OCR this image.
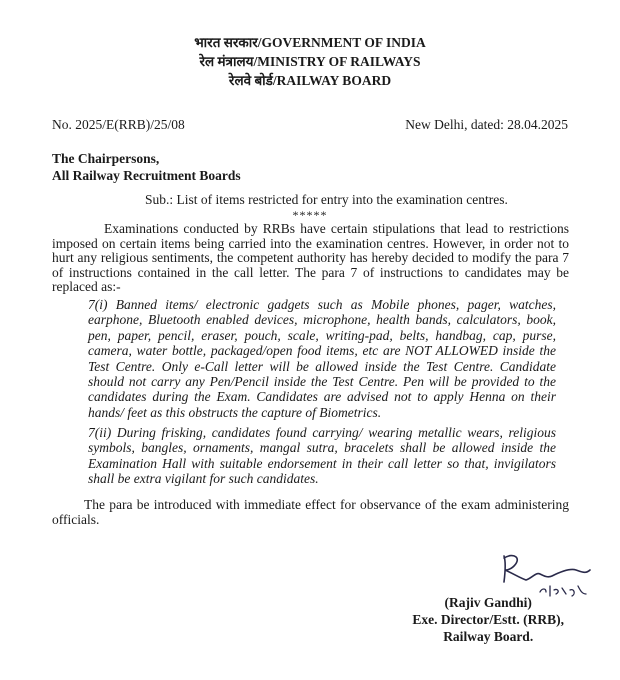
भारत सरकार/GOVERNMENT OF INDIA
रेल मंत्रालय/MINISTRY OF RAILWAYS
रेलवे बोर्ड/RAILWAY BOARD
No. 2025/E(RRB)/25/08	New Delhi, dated: 28.04.2025
The Chairpersons,
All Railway Recruitment Boards
Sub.: List of items restricted for entry into the examination centres.
*****
Examinations conducted by RRBs have certain stipulations that lead to restrictions imposed on certain items being carried into the examination centres. However, in order not to hurt any religious sentiments, the competent authority has hereby decided to modify the para 7 of instructions contained in the call letter. The para 7 of instructions to candidates may be replaced as:-
7(i) Banned items/ electronic gadgets such as Mobile phones, pager, watches, earphone, Bluetooth enabled devices, microphone, health bands, calculators, book, pen, paper, pencil, eraser, pouch, scale, writing-pad, belts, handbag, cap, purse, camera, water bottle, packaged/open food items, etc are NOT ALLOWED inside the Test Centre. Only e-Call letter will be allowed inside the Test Centre. Candidate should not carry any Pen/Pencil inside the Test Centre. Pen will be provided to the candidates during the Exam. Candidates are advised not to apply Henna on their hands/ feet as this obstructs the capture of Biometrics.
7(ii) During frisking, candidates found carrying/ wearing metallic wears, religious symbols, bangles, ornaments, mangal sutra, bracelets shall be allowed inside the Examination Hall with suitable endorsement in their call letter so that, invigilators shall be extra vigilant for such candidates.
The para be introduced with immediate effect for observance of the exam administering officials.
(Rajiv Gandhi)
Exe. Director/Estt. (RRB),
Railway Board.
